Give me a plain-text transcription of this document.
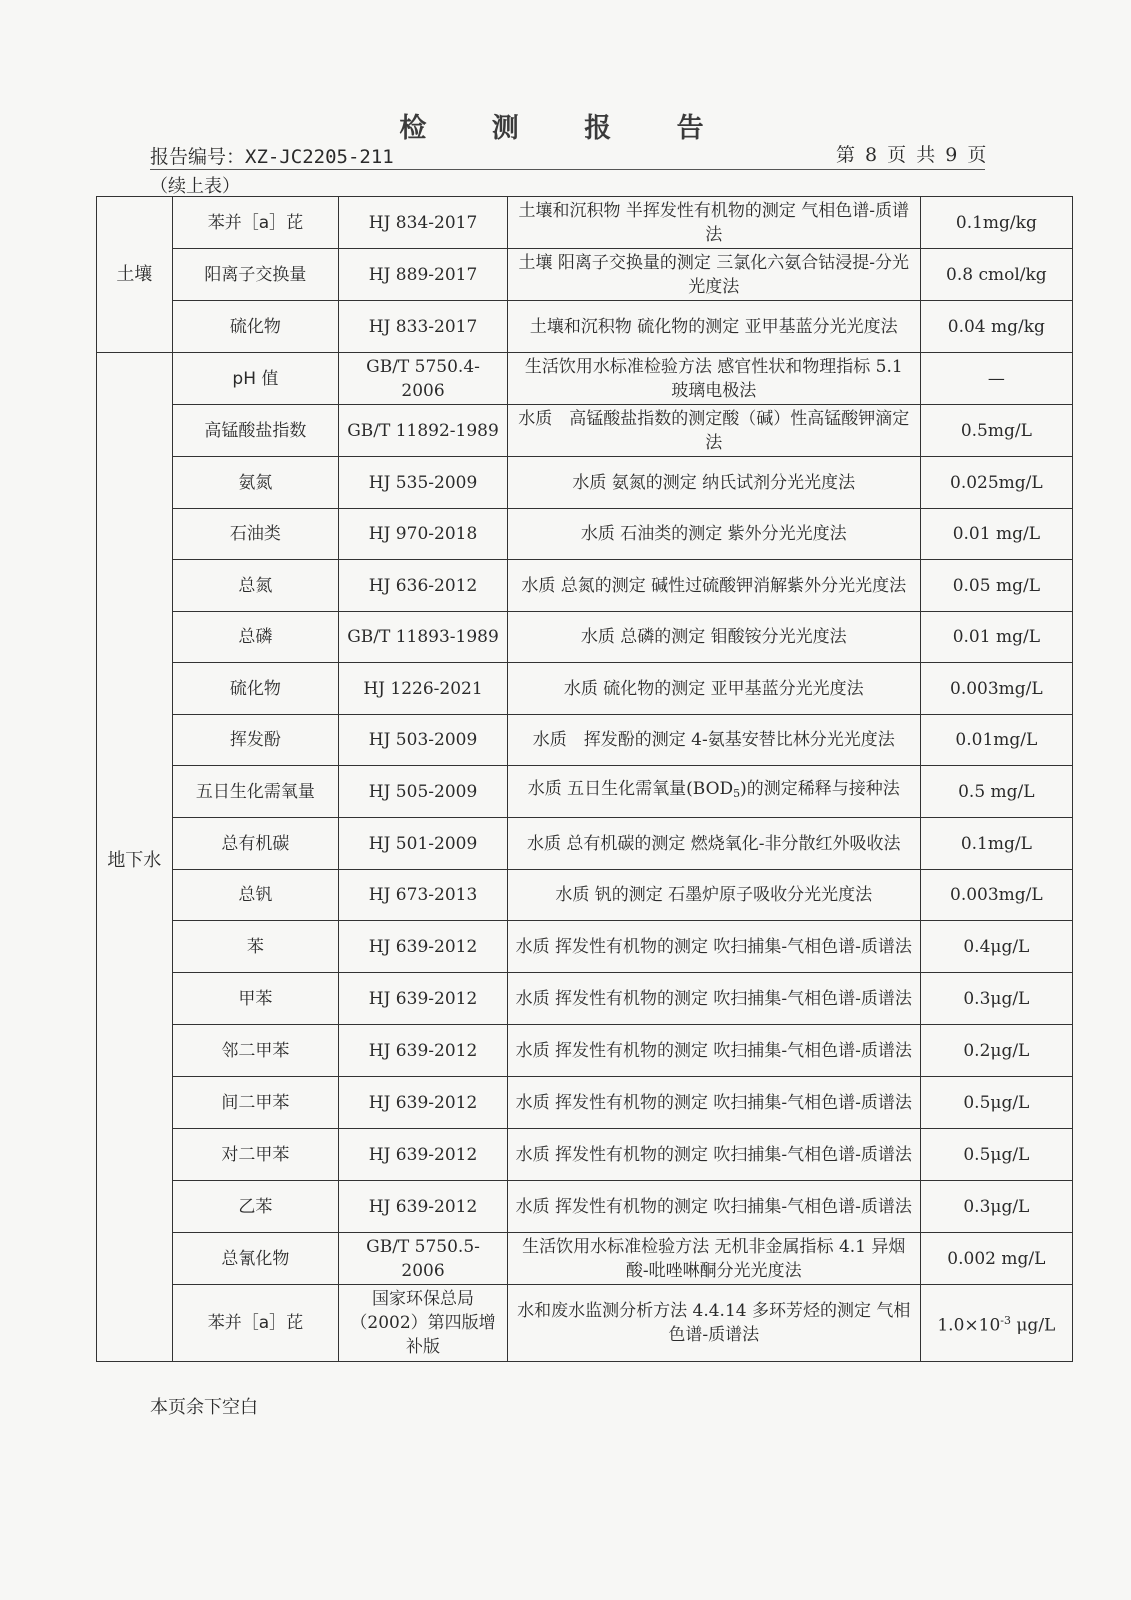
检 测 报 告
报告编号：XZ-JC2205-211	第 8 页 共 9 页
（续上表）
土壤	苯并［a］芘	HJ 834-2017	土壤和沉积物 半挥发性有机物的测定 气相色谱-质谱法	0.1mg/kg
	阳离子交换量	HJ 889-2017	土壤 阳离子交换量的测定 三氯化六氨合钴浸提-分光光度法	0.8 cmol/kg
	硫化物	HJ 833-2017	土壤和沉积物 硫化物的测定 亚甲基蓝分光光度法	0.04 mg/kg
地下水	pH 值	GB/T 5750.4-2006	生活饮用水标准检验方法 感官性状和物理指标 5.1 玻璃电极法	—
	高锰酸盐指数	GB/T 11892-1989	水质　高锰酸盐指数的测定酸（碱）性高锰酸钾滴定法	0.5mg/L
	氨氮	HJ 535-2009	水质 氨氮的测定 纳氏试剂分光光度法	0.025mg/L
	石油类	HJ 970-2018	水质 石油类的测定 紫外分光光度法	0.01 mg/L
	总氮	HJ 636-2012	水质 总氮的测定 碱性过硫酸钾消解紫外分光光度法	0.05 mg/L
	总磷	GB/T 11893-1989	水质 总磷的测定 钼酸铵分光光度法	0.01 mg/L
	硫化物	HJ 1226-2021	水质 硫化物的测定 亚甲基蓝分光光度法	0.003mg/L
	挥发酚	HJ 503-2009	水质　挥发酚的测定 4-氨基安替比林分光光度法	0.01mg/L
	五日生化需氧量	HJ 505-2009	水质 五日生化需氧量(BOD5)的测定稀释与接种法	0.5 mg/L
	总有机碳	HJ 501-2009	水质 总有机碳的测定 燃烧氧化-非分散红外吸收法	0.1mg/L
	总钒	HJ 673-2013	水质 钒的测定 石墨炉原子吸收分光光度法	0.003mg/L
	苯	HJ 639-2012	水质 挥发性有机物的测定 吹扫捕集-气相色谱-质谱法	0.4μg/L
	甲苯	HJ 639-2012	水质 挥发性有机物的测定 吹扫捕集-气相色谱-质谱法	0.3μg/L
	邻二甲苯	HJ 639-2012	水质 挥发性有机物的测定 吹扫捕集-气相色谱-质谱法	0.2μg/L
	间二甲苯	HJ 639-2012	水质 挥发性有机物的测定 吹扫捕集-气相色谱-质谱法	0.5μg/L
	对二甲苯	HJ 639-2012	水质 挥发性有机物的测定 吹扫捕集-气相色谱-质谱法	0.5μg/L
	乙苯	HJ 639-2012	水质 挥发性有机物的测定 吹扫捕集-气相色谱-质谱法	0.3μg/L
	总氰化物	GB/T 5750.5-2006	生活饮用水标准检验方法 无机非金属指标 4.1 异烟酸-吡唑啉酮分光光度法	0.002 mg/L
	苯并［a］芘	国家环保总局（2002）第四版增补版	水和废水监测分析方法 4.4.14 多环芳烃的测定 气相色谱-质谱法	$1.0\times 10^{-3}$ μg/L
本页余下空白
